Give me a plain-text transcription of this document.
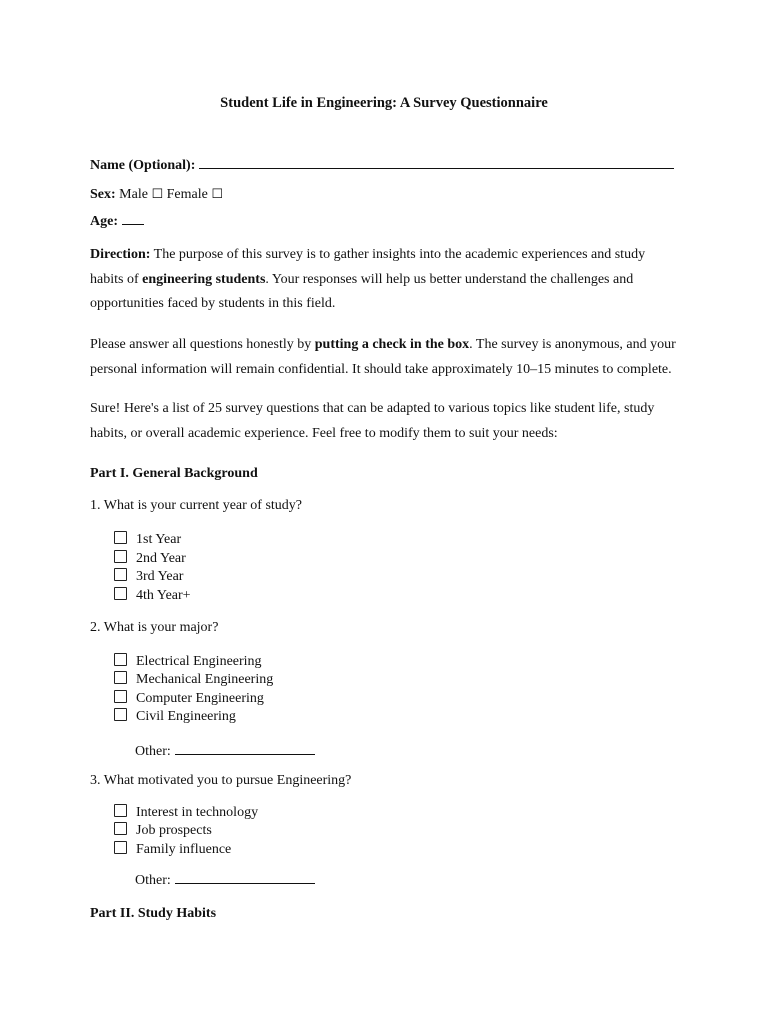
Student Life in Engineering: A Survey Questionnaire
Name (Optional):
Sex: Male ☐ Female ☐
Age:
Direction: The purpose of this survey is to gather insights into the academic experiences and study habits of engineering students. Your responses will help us better understand the challenges and opportunities faced by students in this field.
Please answer all questions honestly by putting a check in the box. The survey is anonymous, and your personal information will remain confidential. It should take approximately 10–15 minutes to complete.
Sure! Here's a list of 25 survey questions that can be adapted to various topics like student life, study habits, or overall academic experience. Feel free to modify them to suit your needs:
Part I. General Background
1. What is your current year of study?
1st Year
2nd Year
3rd Year
4th Year+
2. What is your major?
Electrical Engineering
Mechanical Engineering
Computer Engineering
Civil Engineering
Other:
3. What motivated you to pursue Engineering?
Interest in technology
Job prospects
Family influence
Other:
Part II. Study Habits
